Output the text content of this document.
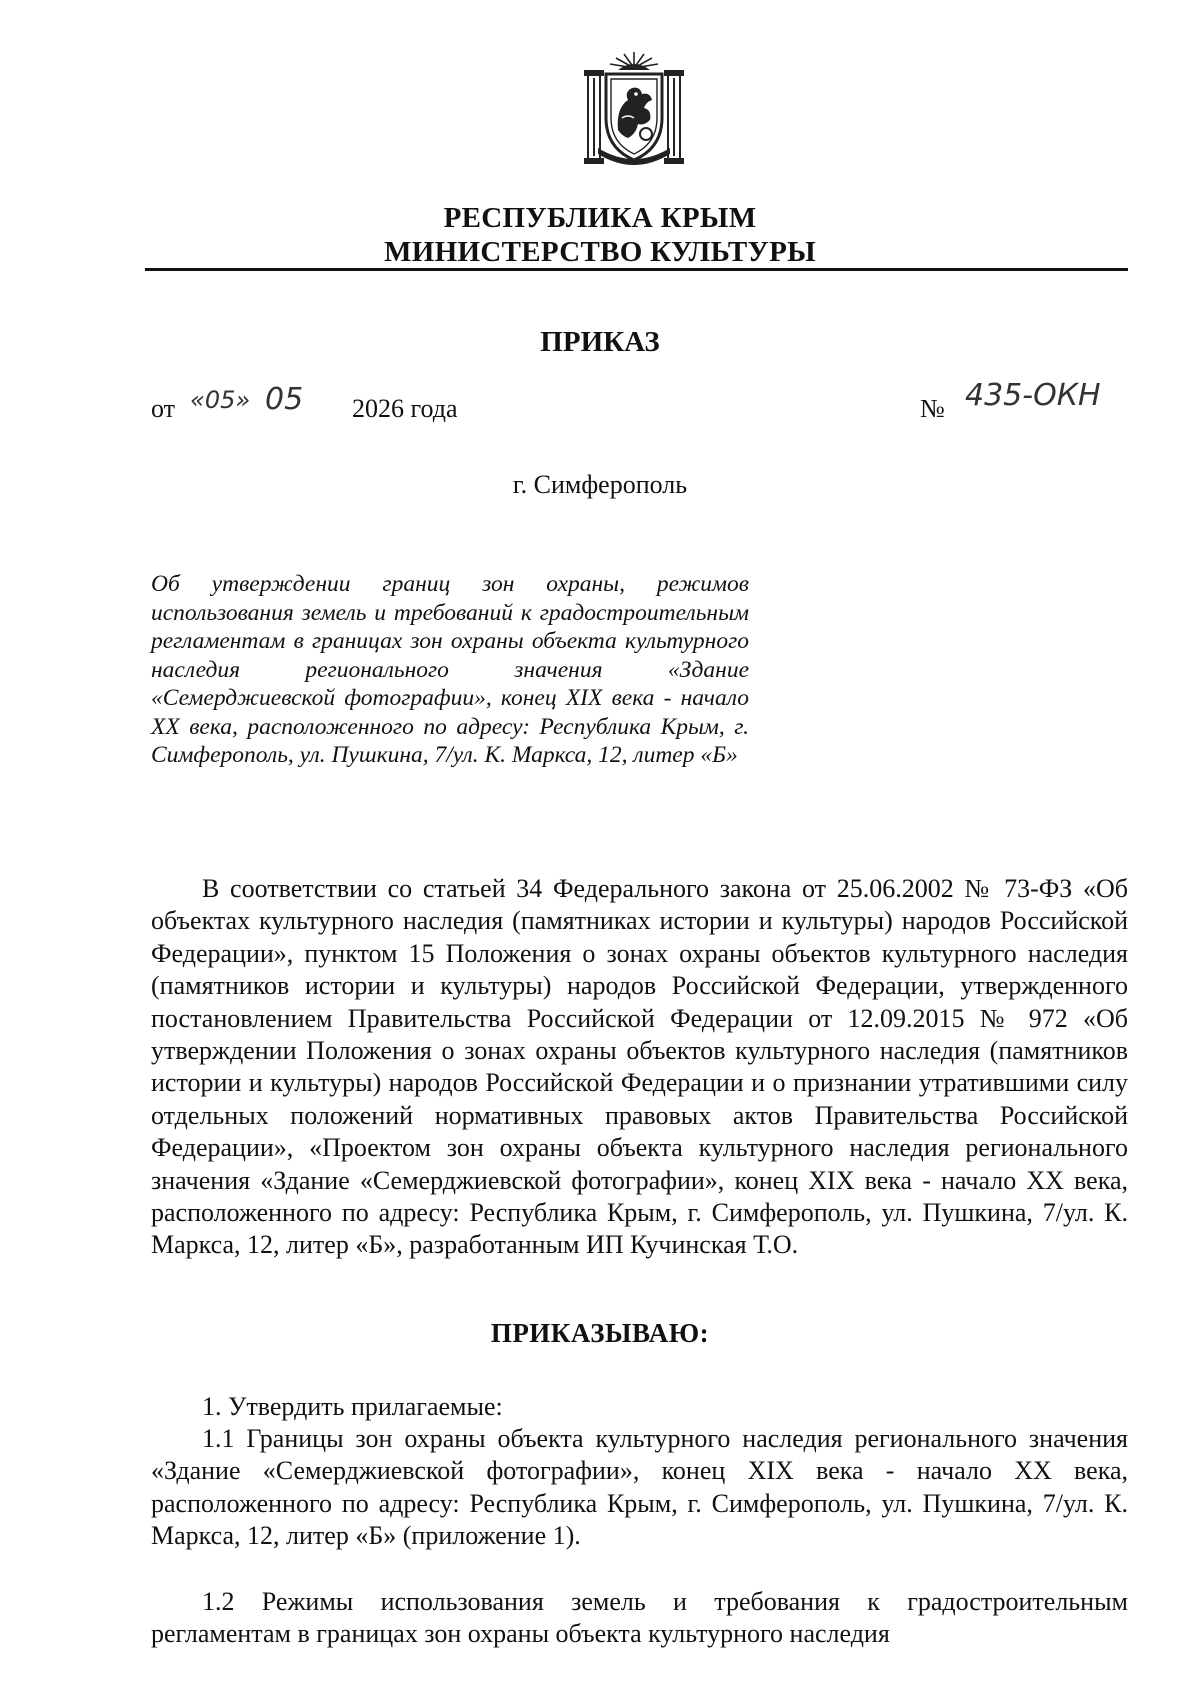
РЕСПУБЛИКА КРЫМ
МИНИСТЕРСТВО КУЛЬТУРЫ
ПРИКАЗ
от «05» 05 2026 года	№ 435-ОКН
г. Симферополь
Об утверждении границ зон охраны, режимов использования земель и требований к градостроительным регламентам в границах зон охраны объекта культурного наследия регионального значения «Здание «Семерджиевской фотографии», конец XIX века - начало XX века, расположенного по адресу: Республика Крым, г. Симферополь, ул. Пушкина, 7/ул. К. Маркса, 12, литер «Б»
В соответствии со статьей 34 Федерального закона от 25.06.2002 № 73-ФЗ «Об объектах культурного наследия (памятниках истории и культуры) народов Российской Федерации», пунктом 15 Положения о зонах охраны объектов культурного наследия (памятников истории и культуры) народов Российской Федерации, утвержденного постановлением Правительства Российской Федерации от 12.09.2015 № 972 «Об утверждении Положения о зонах охраны объектов культурного наследия (памятников истории и культуры) народов Российской Федерации и о признании утратившими силу отдельных положений нормативных правовых актов Правительства Российской Федерации», «Проектом зон охраны объекта культурного наследия регионального значения «Здание «Семерджиевской фотографии», конец XIX века - начало XX века, расположенного по адресу: Республика Крым, г. Симферополь, ул. Пушкина, 7/ул. К. Маркса, 12, литер «Б», разработанным ИП Кучинская Т.О.
ПРИКАЗЫВАЮ:
1. Утвердить прилагаемые:
1.1 Границы зон охраны объекта культурного наследия регионального значения «Здание «Семерджиевской фотографии», конец XIX века - начало XX века, расположенного по адресу: Республика Крым, г. Симферополь, ул. Пушкина, 7/ул. К. Маркса, 12, литер «Б» (приложение 1).
1.2 Режимы использования земель и требования к градостроительным регламентам в границах зон охраны объекта культурного наследия
